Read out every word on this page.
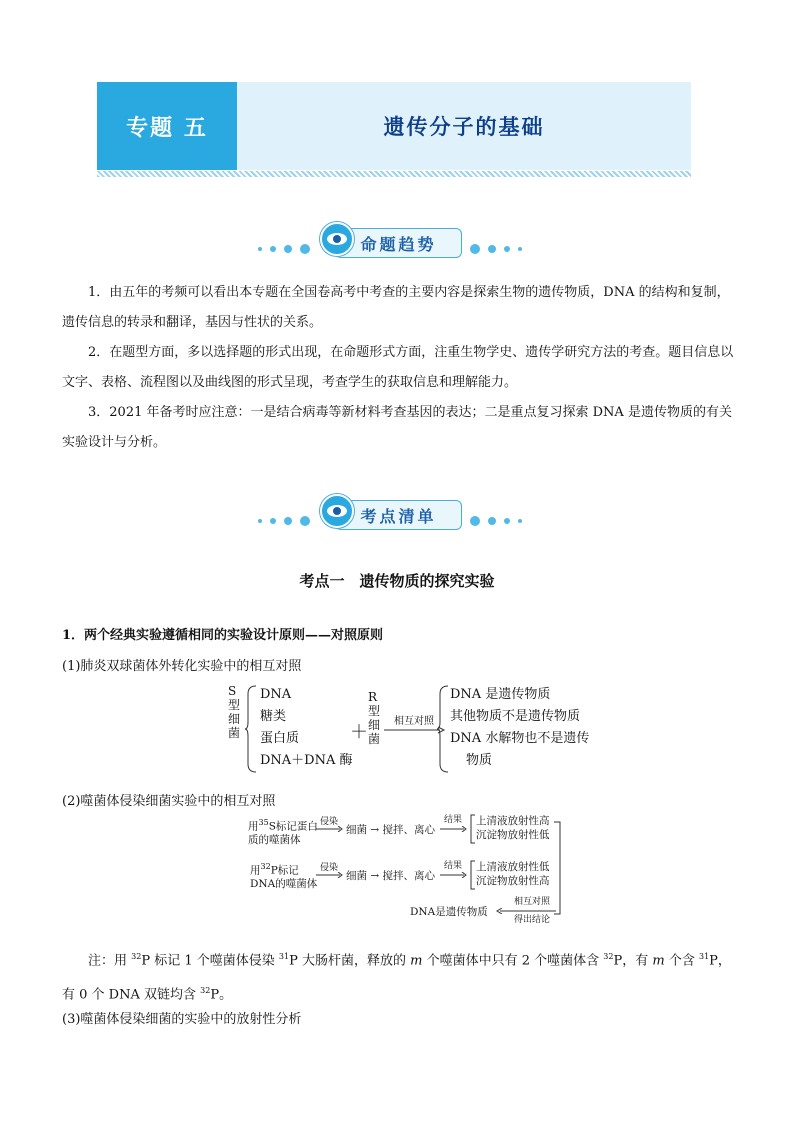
专题 五	遗传分子的基础
命题趋势

1．由五年的考频可以看出本专题在全国卷高考中考查的主要内容是探索生物的遗传物质，DNA 的结构和复制，遗传信息的转录和翻译，基因与性状的关系。

2．在题型方面，多以选择题的形式出现，在命题形式方面，注重生物学史、遗传学研究方法的考查。题目信息以文字、表格、流程图以及曲线图的形式呈现，考查学生的获取信息和理解能力。

3．2021 年备考时应注意：一是结合病毒等新材料考查基因的表达；二是重点复习探索 DNA 是遗传物质的有关实验设计与分析。

考点清单
考点一　遗传物质的探究实验
1．两个经典实验遵循相同的实验设计原则——对照原则
(1)肺炎双球菌体外转化实验中的相互对照
S
型
细
菌
DNA
糖类
蛋白质
DNA＋DNA 酶
＋
R
型
细
菌
相互对照
DNA 是遗传物质
其他物质不是遗传物质
DNA 水解物也不是遗传
物质
(2)噬菌体侵染细菌实验中的相互对照
用$^{35}$S标记蛋白
质的噬菌体
侵染
细菌 → 搅拌、离心
结果 上清液放射性高
沉淀物放射性低
用$^{32}$P标记
DNA的噬菌体
侵染
细菌 → 搅拌、离心
结果 上清液放射性低
沉淀物放射性高
DNA是遗传物质
相互对照
得出结论

注：用 $^{32}$P 标记 1 个噬菌体侵染 $^{31}$P 大肠杆菌，释放的 m 个噬菌体中只有 2 个噬菌体含 $^{32}$P，有 m 个含 $^{31}$P，有 0 个 DNA 双链均含 $^{32}$P。

(3)噬菌体侵染细菌的实验中的放射性分析
